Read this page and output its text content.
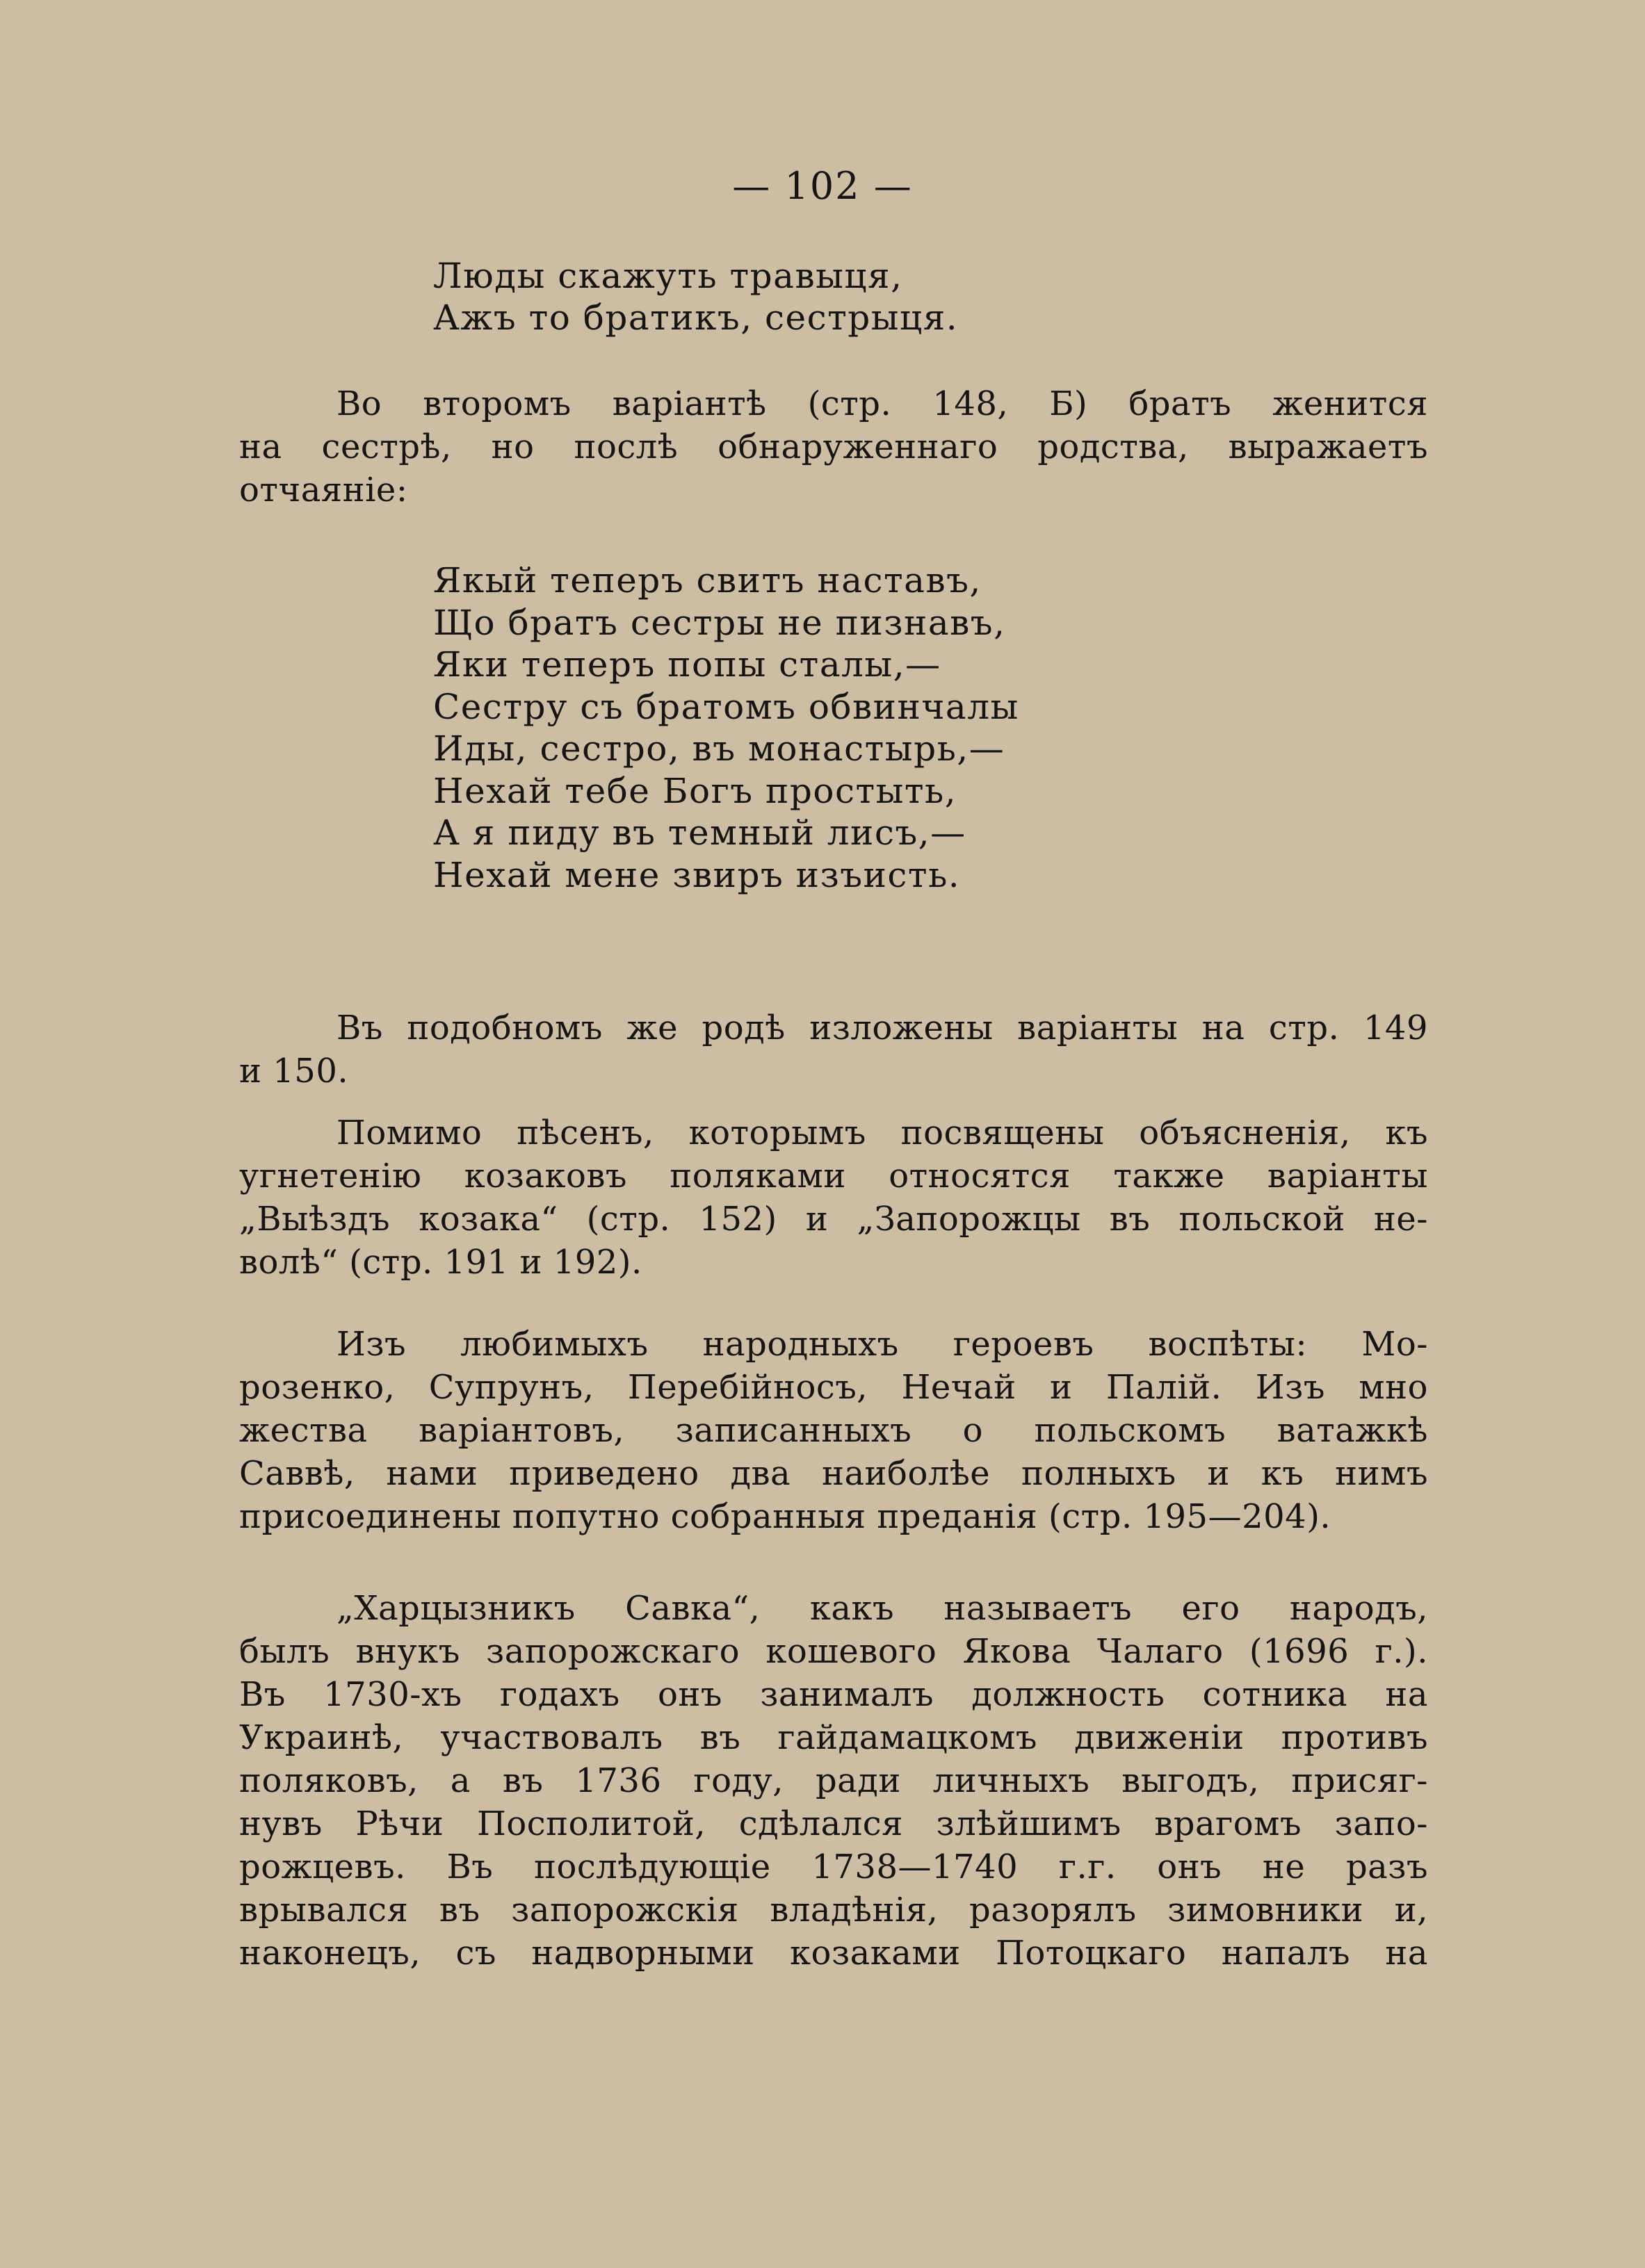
— 102 —
Люды скажуть травыця,
Ажъ то братикъ, сестрыця.
Во второмъ варіантѣ (стр. 148, Б) братъ женится
на сестрѣ, но послѣ обнаруженнаго родства, выражаетъ
отчаяніе:
Якый теперъ свитъ наставъ,
Що братъ сестры не пизнавъ,
Яки теперъ попы сталы,—
Сестру съ братомъ обвинчалы
Иды, сестро, въ монастырь,—
Нехай тебе Богъ простыть,
А я пиду въ темный лисъ,—
Нехай мене звиръ изъисть.
Въ подобномъ же родѣ изложены варіанты на стр. 149
и 150.
Помимо пѣсенъ, которымъ посвящены объясненія, къ
угнетенію козаковъ поляками относятся также варіанты
„Выѣздъ козака“ (стр. 152) и „Запорожцы въ польской не-
волѣ“ (стр. 191 и 192).
Изъ любимыхъ народныхъ героевъ воспѣты: Мо-
розенко, Супрунъ, Перебійносъ, Нечай и Палій. Изъ мно
жества варіантовъ, записанныхъ о польскомъ ватажкѣ
Саввѣ, нами приведено два наиболѣе полныхъ и къ нимъ
присоединены попутно собранныя преданія (стр. 195—204).
„Харцызникъ Савка“, какъ называетъ его народъ,
былъ внукъ запорожскаго кошевого Якова Чалаго (1696 г.).
Въ 1730-хъ годахъ онъ занималъ должность сотника на
Украинѣ, участвовалъ въ гайдамацкомъ движеніи противъ
поляковъ, а въ 1736 году, ради личныхъ выгодъ, присяг-
нувъ Рѣчи Посполитой, сдѣлался злѣйшимъ врагомъ запо-
рожцевъ. Въ послѣдующіе 1738—1740 г.г. онъ не разъ
врывался въ запорожскія владѣнія, разорялъ зимовники и,
наконецъ, съ надворными козаками Потоцкаго напалъ на
